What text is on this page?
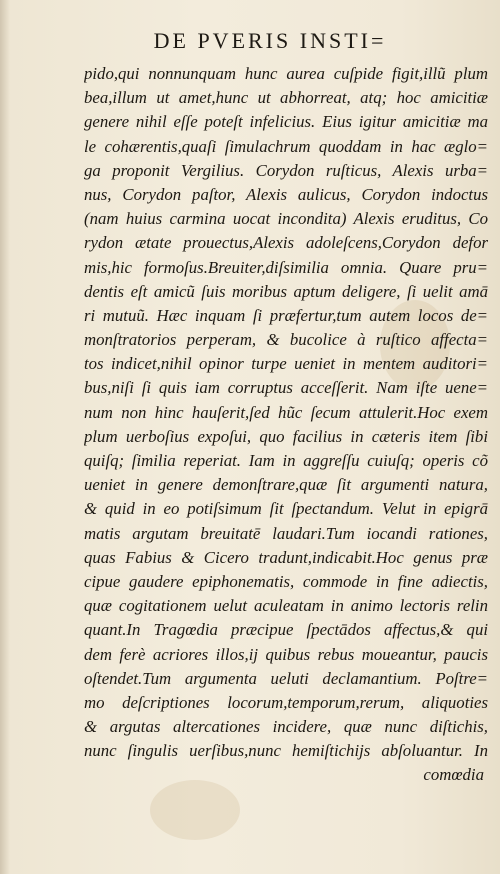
DE PVERIS INSTI=
pido,qui nonnunquam hunc aurea cuſpide figit,illũ plum
bea,illum ut amet,hunc ut abhorreat, atq; hoc amicitiæ
genere nihil eſſe poteſt infelicius. Eius igitur amicitiæ ma
le cohærentis,quaſi ſimulachrum quoddam in hac æglo=
ga proponit Vergilius. Corydon ruſticus, Alexis urba=
nus, Corydon paſtor, Alexis aulicus, Corydon indoctus
(nam huius carmina uocat incondita) Alexis eruditus, Co
rydon ætate prouectus,Alexis adoleſcens,Corydon defor
mis,hic formoſus.Breuiter,diſsimilia omnia. Quare pru=
dentis eſt amicũ ſuis moribus aptum deligere, ſi uelit amā
ri mutuũ. Hæc inquam ſi præfertur,tum autem locos de=
monſtratorios perperam, & bucolice à ruſtico affecta=
tos indicet,nihil opinor turpe ueniet in mentem auditori=
bus,niſi ſi quis iam corruptus acceſſerit. Nam iſte uene=
num non hinc hauſerit,ſed hũc ſecum attulerit.Hoc exem
plum uerboſius expoſui, quo facilius in cæteris item ſibi
quiſq; ſimilia reperiat. Iam in aggreſſu cuiuſq; operis cõ
ueniet in genere demonſtrare,quæ ſit argumenti natura,
& quid in eo potiſsimum ſit ſpectandum. Velut in epigrā
matis argutam breuitatē laudari.Tum iocandi rationes,
quas Fabius & Cicero tradunt,indicabit.Hoc genus præ
cipue gaudere epiphonematis, commode in fine adiectis,
quæ cogitationem uelut aculeatam in animo lectoris relin
quant.In Tragœdia præcipue ſpectādos affectus,& qui
dem ferè acriores illos,ij quibus rebus moueantur, paucis
oſtendet.Tum argumenta ueluti declamantium. Poſtre=
mo deſcriptiones locorum,temporum,rerum, aliquoties
& argutas altercationes incidere, quæ nunc diſtichis,
nunc ſingulis uerſibus,nunc hemiſtichijs abſoluantur. In
comœdia
